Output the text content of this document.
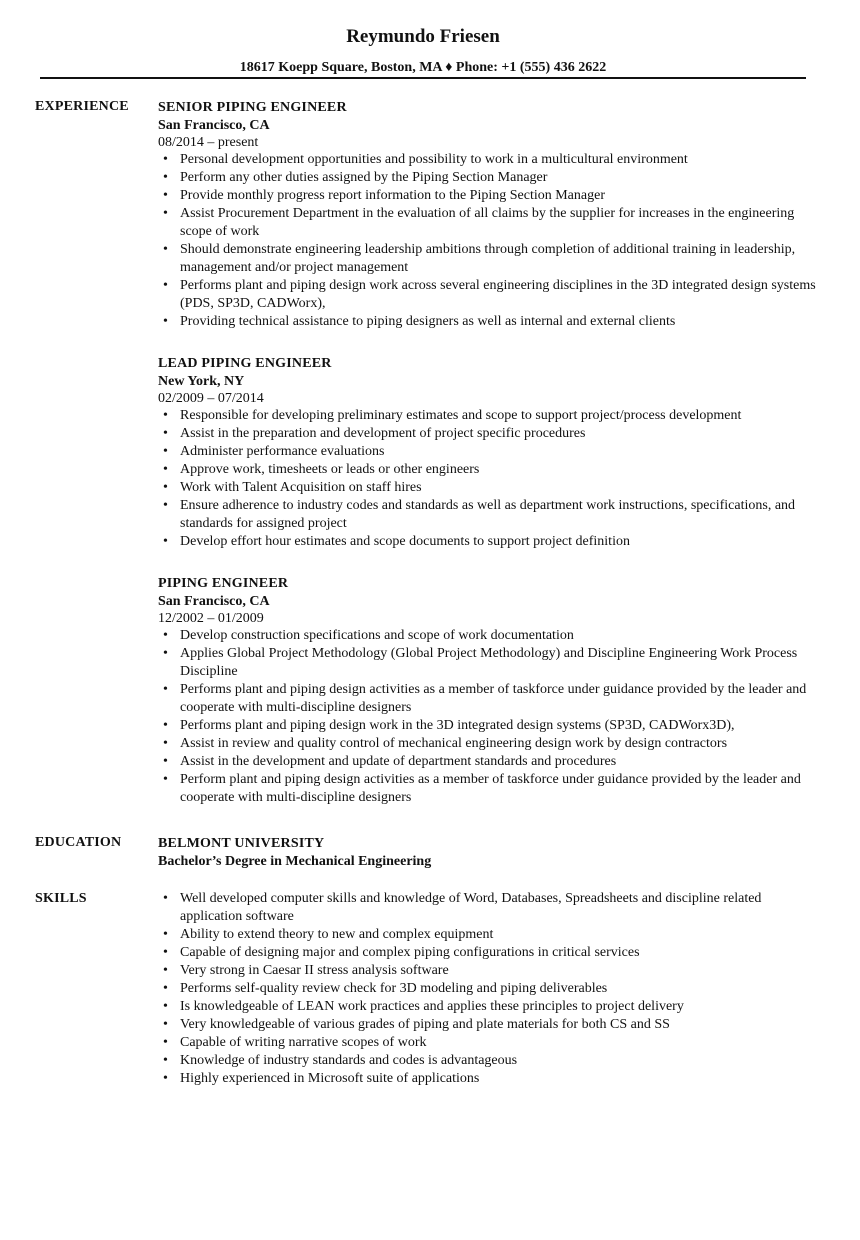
Reymundo Friesen
18617 Koepp Square, Boston, MA ♦ Phone: +1 (555) 436 2622
EXPERIENCE SENIOR PIPING ENGINEER
San Francisco, CA
08/2014 – present
• Personal development opportunities and possibility to work in a multicultural environment
• Perform any other duties assigned by the Piping Section Manager
• Provide monthly progress report information to the Piping Section Manager
• Assist Procurement Department in the evaluation of all claims by the supplier for increases in the engineering scope of work
• Should demonstrate engineering leadership ambitions through completion of additional training in leadership, management and/or project management
• Performs plant and piping design work across several engineering disciplines in the 3D integrated design systems (PDS, SP3D, CADWorx),
• Providing technical assistance to piping designers as well as internal and external clients
LEAD PIPING ENGINEER
New York, NY
02/2009 – 07/2014
• Responsible for developing preliminary estimates and scope to support project/process development
• Assist in the preparation and development of project specific procedures
• Administer performance evaluations
• Approve work, timesheets or leads or other engineers
• Work with Talent Acquisition on staff hires
• Ensure adherence to industry codes and standards as well as department work instructions, specifications, and standards for assigned project
• Develop effort hour estimates and scope documents to support project definition
PIPING ENGINEER
San Francisco, CA
12/2002 – 01/2009
• Develop construction specifications and scope of work documentation
• Applies Global Project Methodology (Global Project Methodology) and Discipline Engineering Work Process Discipline
• Performs plant and piping design activities as a member of taskforce under guidance provided by the leader and cooperate with multi-discipline designers
• Performs plant and piping design work in the 3D integrated design systems (SP3D, CADWorx3D),
• Assist in review and quality control of mechanical engineering design work by design contractors
• Assist in the development and update of department standards and procedures
• Perform plant and piping design activities as a member of taskforce under guidance provided by the leader and cooperate with multi-discipline designers
EDUCATION	BELMONT UNIVERSITY
Bachelor’s Degree in Mechanical Engineering
SKILLS
•	Well developed computer skills and knowledge of Word, Databases, Spreadsheets and discipline related application software
• Ability to extend theory to new and complex equipment
• Capable of designing major and complex piping configurations in critical services
• Very strong in Caesar II stress analysis software
• Performs self-quality review check for 3D modeling and piping deliverables
• Is knowledgeable of LEAN work practices and applies these principles to project delivery
• Very knowledgeable of various grades of piping and plate materials for both CS and SS
• Capable of writing narrative scopes of work
• Knowledge of industry standards and codes is advantageous
• Highly experienced in Microsoft suite of applications
